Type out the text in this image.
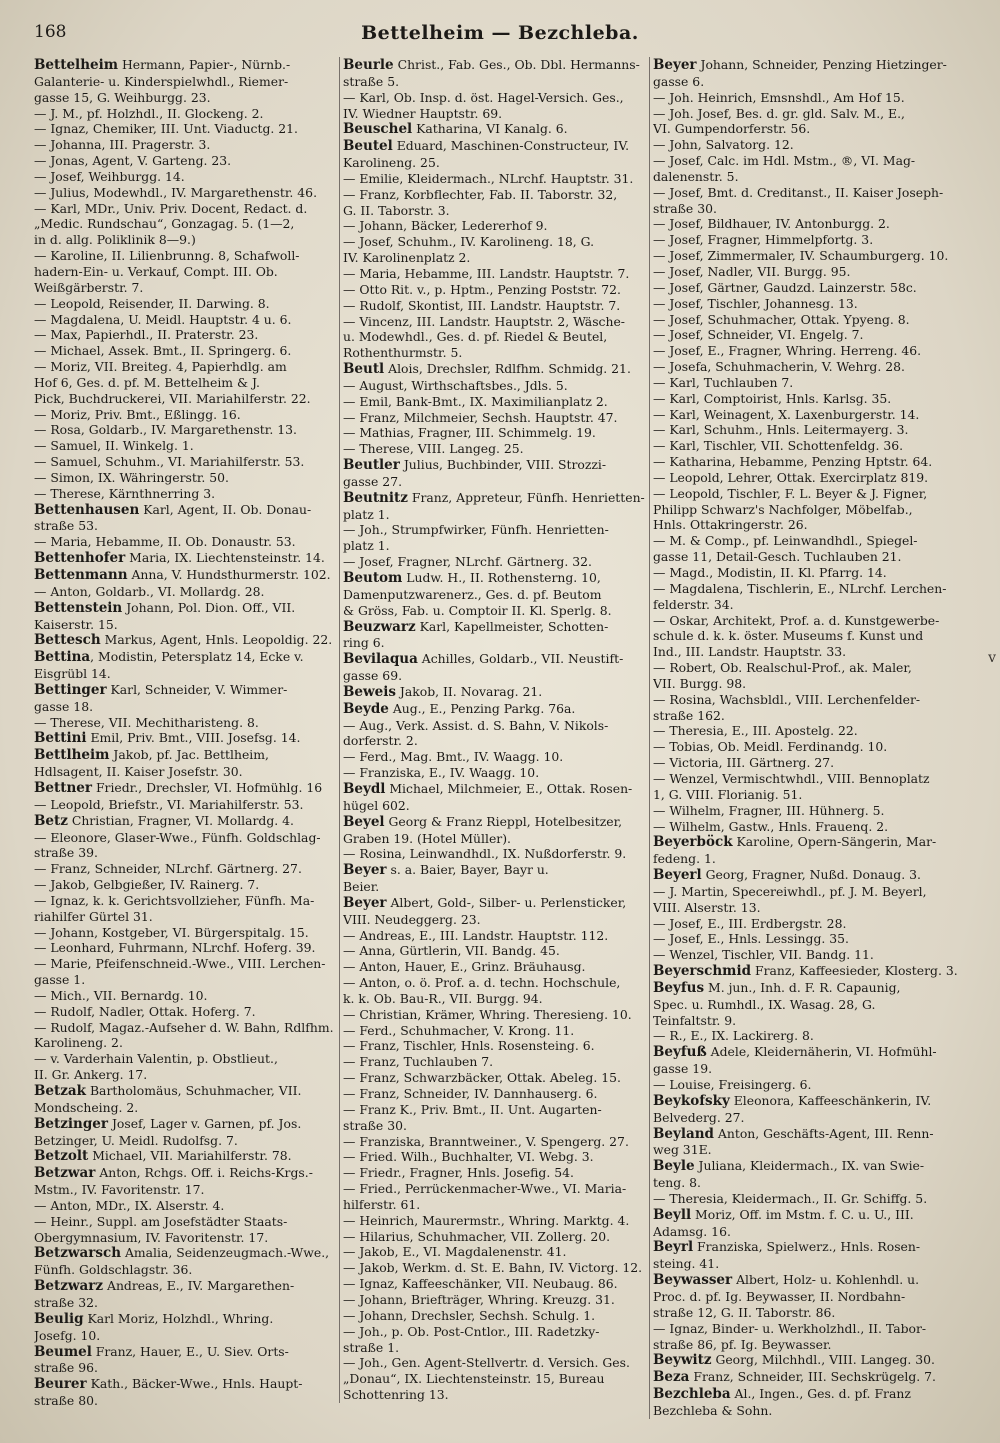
168	Bettelheim — Bezchleba.
Bettelheim Hermann, Papier-, Nürnb.-
Galanterie- u. Kinderspielwhdl., Riemer-
gasse 15, G. Weihburgg. 23.
— J. M., pf. Holzhdl., II. Glockeng. 2.
— Ignaz, Chemiker, III. Unt. Viaductg. 21.
— Johanna, III. Pragerstr. 3.
— Jonas, Agent, V. Garteng. 23.
— Josef, Weihburgg. 14.
— Julius, Modewhdl., IV. Margarethenstr. 46.
— Karl, MDr., Univ. Priv. Docent, Redact. d.
„Medic. Rundschau“, Gonzagag. 5. (1—2,
in d. allg. Poliklinik 8—9.)
— Karoline, II. Lilienbrunng. 8, Schafwoll-
hadern-Ein- u. Verkauf, Compt. III. Ob.
Weißgärberstr. 7.
— Leopold, Reisender, II. Darwing. 8.
— Magdalena, U. Meidl. Hauptstr. 4 u. 6.
— Max, Papierhdl., II. Praterstr. 23.
— Michael, Assek. Bmt., II. Springerg. 6.
— Moriz, VII. Breiteg. 4, Papierhdlg. am
Hof 6, Ges. d. pf. M. Bettelheim & J.
Pick, Buchdruckerei, VII. Mariahilferstr. 22.
— Moriz, Priv. Bmt., Eßlingg. 16.
— Rosa, Goldarb., IV. Margarethenstr. 13.
— Samuel, II. Winkelg. 1.
— Samuel, Schuhm., VI. Mariahilferstr. 53.
— Simon, IX. Währingerstr. 50.
— Therese, Kärnthnerring 3.
Bettenhausen Karl, Agent, II. Ob. Donau-
straße 53.
— Maria, Hebamme, II. Ob. Donaustr. 53.
Bettenhofer Maria, IX. Liechtensteinstr. 14.
Bettenmann Anna, V. Hundsthurmerstr. 102.
— Anton, Goldarb., VI. Mollardg. 28.
Bettenstein Johann, Pol. Dion. Off., VII.
Kaiserstr. 15.
Bettesch Markus, Agent, Hnls. Leopoldig. 22.
Bettina, Modistin, Petersplatz 14, Ecke v.
Eisgrübl 14.
Bettinger Karl, Schneider, V. Wimmer-
gasse 18.
— Therese, VII. Mechitharisteng. 8.
Bettini Emil, Priv. Bmt., VIII. Josefsg. 14.
Bettlheim Jakob, pf. Jac. Bettlheim,
Hdlsagent, II. Kaiser Josefstr. 30.
Bettner Friedr., Drechsler, VI. Hofmühlg. 16
— Leopold, Briefstr., VI. Mariahilferstr. 53.
Betz Christian, Fragner, VI. Mollardg. 4.
— Eleonore, Glaser-Wwe., Fünfh. Goldschlag-
straße 39.
— Franz, Schneider, NLrchf. Gärtnerg. 27.
— Jakob, Gelbgießer, IV. Rainerg. 7.
— Ignaz, k. k. Gerichtsvollzieher, Fünfh. Ma-
riahilfer Gürtel 31.
— Johann, Kostgeber, VI. Bürgerspitalg. 15.
— Leonhard, Fuhrmann, NLrchf. Hoferg. 39.
— Marie, Pfeifenschneid.-Wwe., VIII. Lerchen-
gasse 1.
— Mich., VII. Bernardg. 10.
— Rudolf, Nadler, Ottak. Hoferg. 7.
— Rudolf, Magaz.-Aufseher d. W. Bahn, Rdlfhm.
Karolineng. 2.
— v. Varderhain Valentin, p. Obstlieut.,
II. Gr. Ankerg. 17.
Betzak Bartholomäus, Schuhmacher, VII.
Mondscheing. 2.
Betzinger Josef, Lager v. Garnen, pf. Jos.
Betzinger, U. Meidl. Rudolfsg. 7.
Betzolt Michael, VII. Mariahilferstr. 78.
Betzwar Anton, Rchgs. Off. i. Reichs-Krgs.-
Mstm., IV. Favoritenstr. 17.
— Anton, MDr., IX. Alserstr. 4.
— Heinr., Suppl. am Josefstädter Staats-
Obergymnasium, IV. Favoritenstr. 17.
Betzwarsch Amalia, Seidenzeugmach.-Wwe.,
Fünfh. Goldschlagstr. 36.
Betzwarz Andreas, E., IV. Margarethen-
straße 32.
Beulig Karl Moriz, Holzhdl., Whring.
Josefg. 10.
Beumel Franz, Hauer, E., U. Siev. Orts-
straße 96.
Beurer Kath., Bäcker-Wwe., Hnls. Haupt-
straße 80.
Beurle Christ., Fab. Ges., Ob. Dbl. Hermanns-
straße 5.
— Karl, Ob. Insp. d. öst. Hagel-Versich. Ges.,
IV. Wiedner Hauptstr. 69.
Beuschel Katharina, VI Kanalg. 6.
Beutel Eduard, Maschinen-Constructeur, IV.
Karolineng. 25.
— Emilie, Kleidermach., NLrchf. Hauptstr. 31.
— Franz, Korbflechter, Fab. II. Taborstr. 32,
G. II. Taborstr. 3.
— Johann, Bäcker, Ledererhof 9.
— Josef, Schuhm., IV. Karolineng. 18, G.
IV. Karolinenplatz 2.
— Maria, Hebamme, III. Landstr. Hauptstr. 7.
— Otto Rit. v., p. Hptm., Penzing Poststr. 72.
— Rudolf, Skontist, III. Landstr. Hauptstr. 7.
— Vincenz, III. Landstr. Hauptstr. 2, Wäsche-
u. Modewhdl., Ges. d. pf. Riedel & Beutel,
Rothenthurmstr. 5.
Beutl Alois, Drechsler, Rdlfhm. Schmidg. 21.
— August, Wirthschaftsbes., Jdls. 5.
— Emil, Bank-Bmt., IX. Maximilianplatz 2.
— Franz, Milchmeier, Sechsh. Hauptstr. 47.
— Mathias, Fragner, III. Schimmelg. 19.
— Therese, VIII. Langeg. 25.
Beutler Julius, Buchbinder, VIII. Strozzi-
gasse 27.
Beutnitz Franz, Appreteur, Fünfh. Henrietten-
platz 1.
— Joh., Strumpfwirker, Fünfh. Henrietten-
platz 1.
— Josef, Fragner, NLrchf. Gärtnerg. 32.
Beutom Ludw. H., II. Rothensterng. 10,
Damenputzwarenerz., Ges. d. pf. Beutom
& Gröss, Fab. u. Comptoir II. Kl. Sperlg. 8.
Beuzwarz Karl, Kapellmeister, Schotten-
ring 6.
Bevilaqua Achilles, Goldarb., VII. Neustift-
gasse 69.
Beweis Jakob, II. Novarag. 21.
Beyde Aug., E., Penzing Parkg. 76a.
— Aug., Verk. Assist. d. S. Bahn, V. Nikols-
dorferstr. 2.
— Ferd., Mag. Bmt., IV. Waagg. 10.
— Franziska, E., IV. Waagg. 10.
Beydl Michael, Milchmeier, E., Ottak. Rosen-
hügel 602.
Beyel Georg & Franz Rieppl, Hotelbesitzer,
Graben 19. (Hotel Müller).
— Rosina, Leinwandhdl., IX. Nußdorferstr. 9.
Beyer s. a. Baier, Bayer, Bayr u.
Beier.
Beyer Albert, Gold-, Silber- u. Perlensticker,
VIII. Neudeggerg. 23.
— Andreas, E., III. Landstr. Hauptstr. 112.
— Anna, Gürtlerin, VII. Bandg. 45.
— Anton, Hauer, E., Grinz. Bräuhausg.
— Anton, o. ö. Prof. a. d. techn. Hochschule,
k. k. Ob. Bau-R., VII. Burgg. 94.
— Christian, Krämer, Whring. Theresieng. 10.
— Ferd., Schuhmacher, V. Krong. 11.
— Franz, Tischler, Hnls. Rosensteing. 6.
— Franz, Tuchlauben 7.
— Franz, Schwarzbäcker, Ottak. Abeleg. 15.
— Franz, Schneider, IV. Dannhauserg. 6.
— Franz K., Priv. Bmt., II. Unt. Augarten-
straße 30.
— Franziska, Branntweiner., V. Spengerg. 27.
— Fried. Wilh., Buchhalter, VI. Webg. 3.
— Friedr., Fragner, Hnls. Josefig. 54.
— Fried., Perrückenmacher-Wwe., VI. Maria-
hilferstr. 61.
— Heinrich, Maurermstr., Whring. Marktg. 4.
— Hilarius, Schuhmacher, VII. Zollerg. 20.
— Jakob, E., VI. Magdalenenstr. 41.
— Jakob, Werkm. d. St. E. Bahn, IV. Victorg. 12.
— Ignaz, Kaffeeschänker, VII. Neubaug. 86.
— Johann, Briefträger, Whring. Kreuzg. 31.
— Johann, Drechsler, Sechsh. Schulg. 1.
— Joh., p. Ob. Post-Cntlor., III. Radetzky-
straße 1.
— Joh., Gen. Agent-Stellvertr. d. Versich. Ges.
„Donau“, IX. Liechtensteinstr. 15, Bureau
Schottenring 13.
Beyer Johann, Schneider, Penzing Hietzinger-
gasse 6.
— Joh. Heinrich, Emsnshdl., Am Hof 15.
— Joh. Josef, Bes. d. gr. gld. Salv. M., E.,
VI. Gumpendorferstr. 56.
— John, Salvatorg. 12.
— Josef, Calc. im Hdl. Mstm., ®, VI. Mag-
dalenenstr. 5.
— Josef, Bmt. d. Creditanst., II. Kaiser Joseph-
straße 30.
— Josef, Bildhauer, IV. Antonburgg. 2.
— Josef, Fragner, Himmelpfortg. 3.
— Josef, Zimmermaler, IV. Schaumburgerg. 10.
— Josef, Nadler, VII. Burgg. 95.
— Josef, Gärtner, Gaudzd. Lainzerstr. 58c.
— Josef, Tischler, Johannesg. 13.
— Josef, Schuhmacher, Ottak. Ypyeng. 8.
— Josef, Schneider, VI. Engelg. 7.
— Josef, E., Fragner, Whring. Herreng. 46.
— Josefa, Schuhmacherin, V. Wehrg. 28.
— Karl, Tuchlauben 7.
— Karl, Comptoirist, Hnls. Karlsg. 35.
— Karl, Weinagent, X. Laxenburgerstr. 14.
— Karl, Schuhm., Hnls. Leitermayerg. 3.
— Karl, Tischler, VII. Schottenfeldg. 36.
— Katharina, Hebamme, Penzing Hptstr. 64.
— Leopold, Lehrer, Ottak. Exercirplatz 819.
— Leopold, Tischler, F. L. Beyer & J. Figner,
Philipp Schwarz's Nachfolger, Möbelfab.,
Hnls. Ottakringerstr. 26.
— M. & Comp., pf. Leinwandhdl., Spiegel-
gasse 11, Detail-Gesch. Tuchlauben 21.
— Magd., Modistin, II. Kl. Pfarrg. 14.
— Magdalena, Tischlerin, E., NLrchf. Lerchen-
felderstr. 34.
— Oskar, Architekt, Prof. a. d. Kunstgewerbe-
schule d. k. k. öster. Museums f. Kunst und
Ind., III. Landstr. Hauptstr. 33.
— Robert, Ob. Realschul-Prof., ak. Maler,
VII. Burgg. 98.
— Rosina, Wachsbldl., VIII. Lerchenfelder-
straße 162.
— Theresia, E., III. Apostelg. 22.
— Tobias, Ob. Meidl. Ferdinandg. 10.
— Victoria, III. Gärtnerg. 27.
— Wenzel, Vermischtwhdl., VIII. Bennoplatz
1, G. VIII. Florianig. 51.
— Wilhelm, Fragner, III. Hühnerg. 5.
— Wilhelm, Gastw., Hnls. Frauenq. 2.
Beyerböck Karoline, Opern-Sängerin, Mar-
fedeng. 1.
Beyerl Georg, Fragner, Nußd. Donaug. 3.
— J. Martin, Specereiwhdl., pf. J. M. Beyerl,
VIII. Alserstr. 13.
— Josef, E., III. Erdbergstr. 28.
— Josef, E., Hnls. Lessingg. 35.
— Wenzel, Tischler, VII. Bandg. 11.
Beyerschmid Franz, Kaffeesieder, Klosterg. 3.
Beyfus M. jun., Inh. d. F. R. Capaunig,
Spec. u. Rumhdl., IX. Wasag. 28, G.
Teinfaltstr. 9.
— R., E., IX. Lackirerg. 8.
Beyfuß Adele, Kleidernäherin, VI. Hofmühl-
gasse 19.
— Louise, Freisingerg. 6.
Beykofsky Eleonora, Kaffeeschänkerin, IV.
Belvederg. 27.
Beyland Anton, Geschäfts-Agent, III. Renn-
weg 31E.
Beyle Juliana, Kleidermach., IX. van Swie-
teng. 8.
— Theresia, Kleidermach., II. Gr. Schiffg. 5.
Beyll Moriz, Off. im Mstm. f. C. u. U., III.
Adamsg. 16.
Beyrl Franziska, Spielwerz., Hnls. Rosen-
steing. 41.
Beywasser Albert, Holz- u. Kohlenhdl. u.
Proc. d. pf. Ig. Beywasser, II. Nordbahn-
straße 12, G. II. Taborstr. 86.
— Ignaz, Binder- u. Werkholzhdl., II. Tabor-
straße 86, pf. Ig. Beywasser.
Beywitz Georg, Milchhdl., VIII. Langeg. 30.
Beza Franz, Schneider, III. Sechskrügelg. 7.
Bezchleba Al., Ingen., Ges. d. pf. Franz
Bezchleba & Sohn.
v
